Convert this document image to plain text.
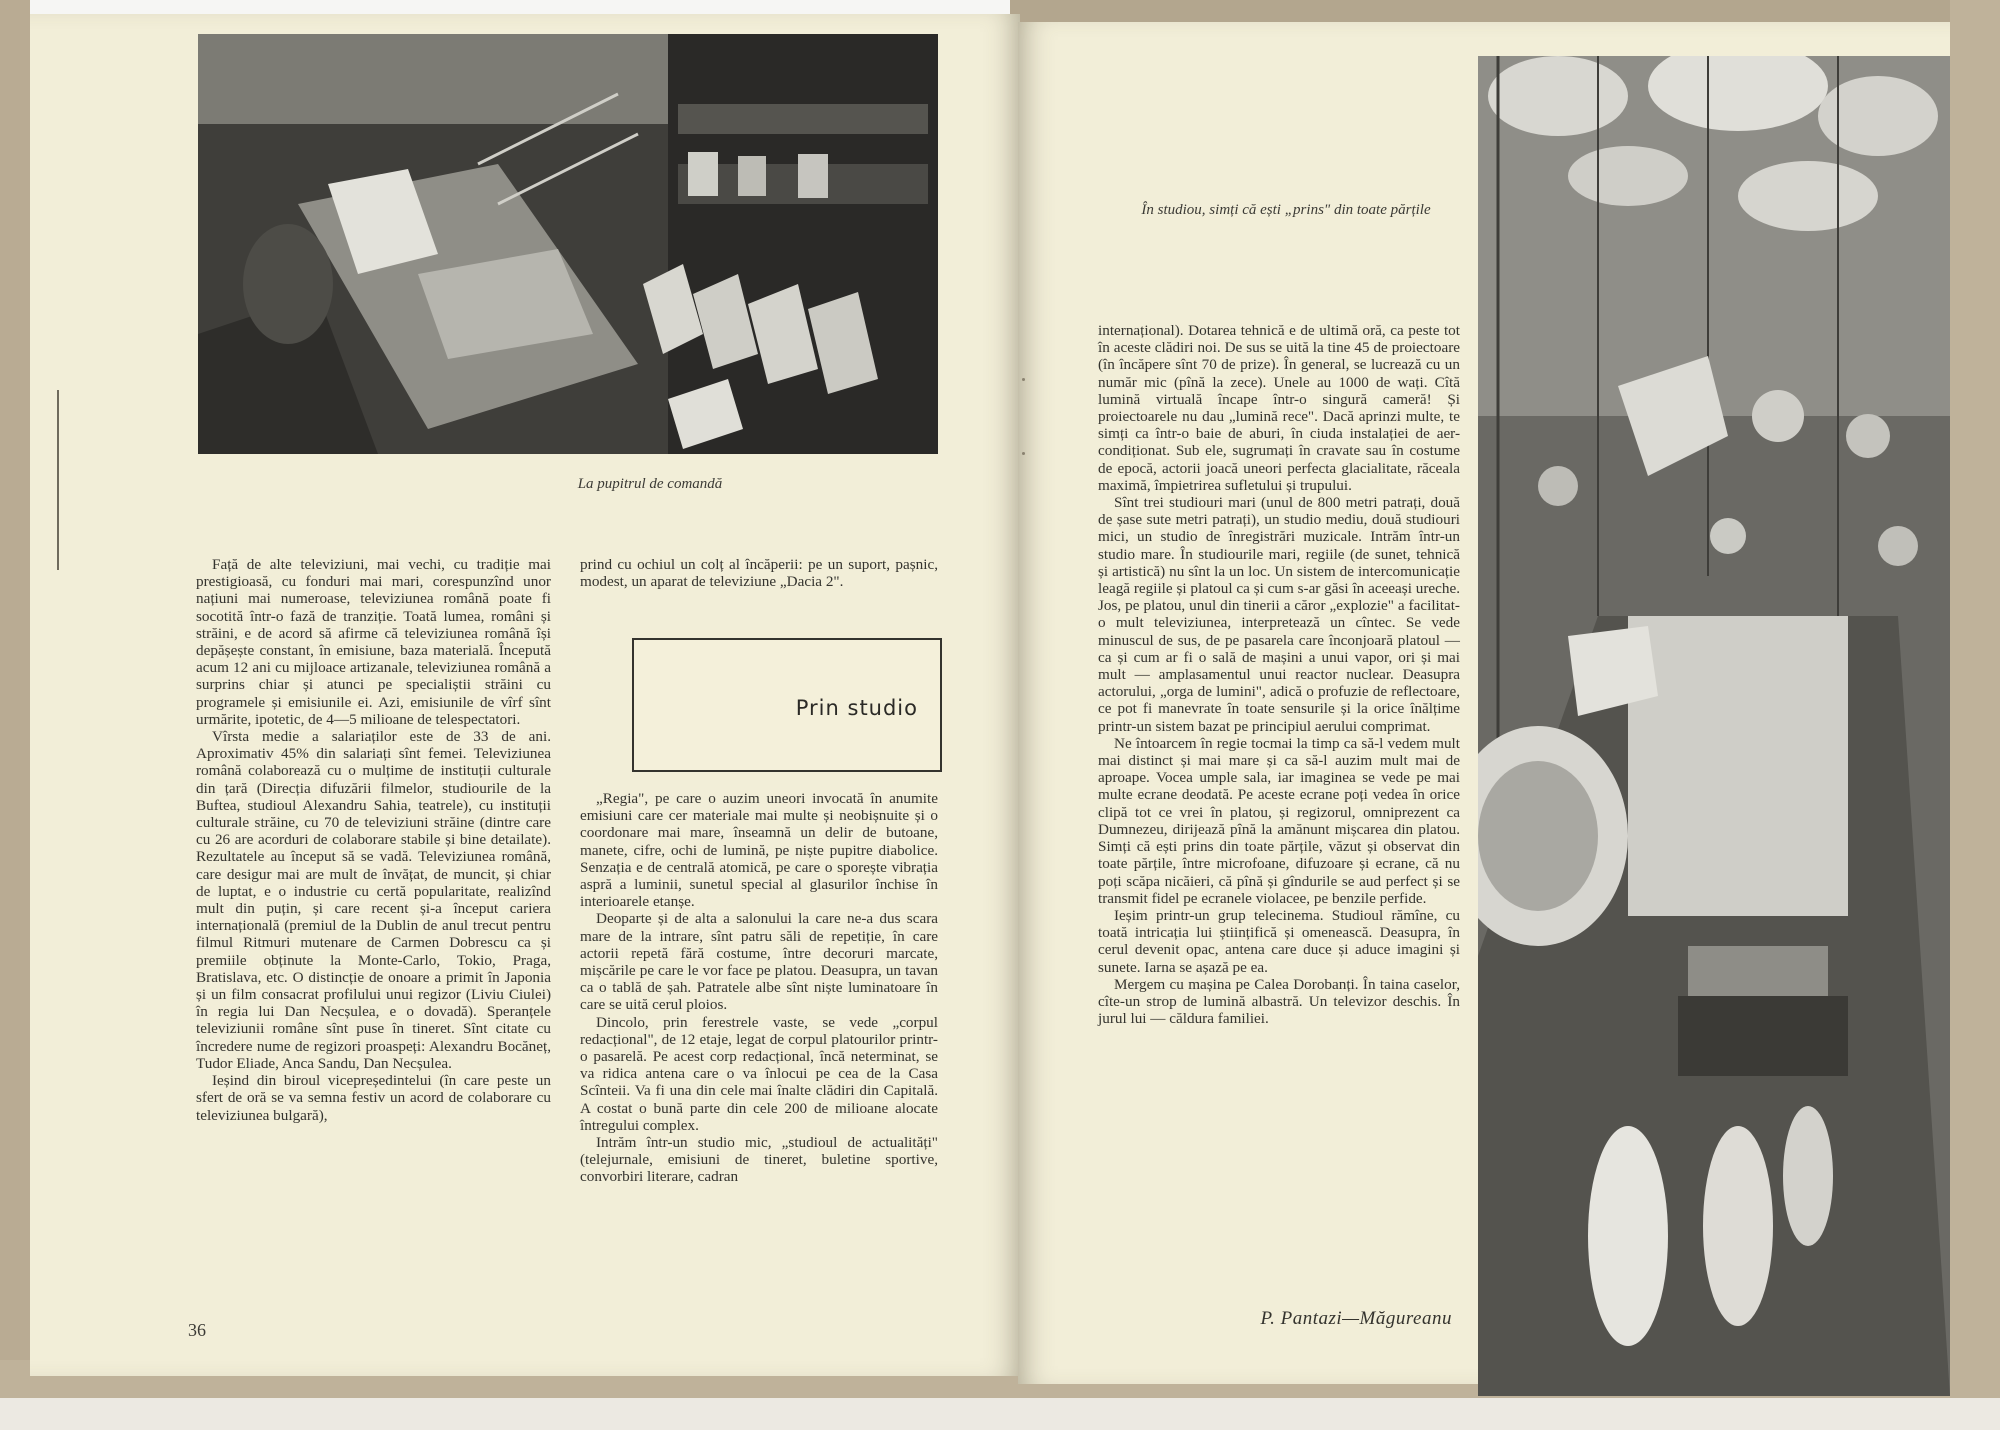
La pupitrul de comandă

Față de alte televiziuni, mai vechi, cu tradiție mai prestigioasă, cu fonduri mai mari, corespunzînd unor națiuni mai numeroase, televiziunea română poate fi socotită într-o fază de tranziție. Toată lumea, români și străini, e de acord să afirme că televiziunea română își depășește constant, în emisiune, baza materială. Începută acum 12 ani cu mijloace artizanale, televiziunea română a surprins chiar și atunci pe specialiștii străini cu programele și emisiunile ei. Azi, emisiunile de vîrf sînt urmărite, ipotetic, de 4—5 milioane de telespectatori.

Vîrsta medie a salariaților este de 33 de ani. Aproximativ 45% din salariați sînt femei. Televiziunea română colaborează cu o mulțime de instituții culturale din țară (Direcția difuzării filmelor, studiourile de la Buftea, studioul Alexandru Sahia, teatrele), cu instituții culturale străine, cu 70 de televiziuni străine (dintre care cu 26 are acorduri de colaborare stabile și bine detailate). Rezultatele au început să se vadă. Televiziunea română, care desigur mai are mult de învățat, de muncit, și chiar de luptat, e o industrie cu certă popularitate, realizînd mult din puțin, și care recent și-a început cariera internațională (premiul de la Dublin de anul trecut pentru filmul Ritmuri mutenare de Carmen Dobrescu ca și premiile obținute la Monte-Carlo, Tokio, Praga, Bratislava, etc. O distincție de onoare a primit în Japonia și un film consacrat profilului unui regizor (Liviu Ciulei) în regia lui Dan Necșulea, e o dovadă). Speranțele televiziunii române sînt puse în tineret. Sînt citate cu încredere nume de regizori proaspeți: Alexandru Bocăneț, Tudor Eliade, Anca Sandu, Dan Necșulea.

Ieșind din biroul vicepreședintelui (în care peste un sfert de oră se va semna festiv un acord de colaborare cu televiziunea bulgară),

prind cu ochiul un colț al încăperii: pe un suport, pașnic, modest, un aparat de televiziune „Dacia 2".

Prin studio

„Regia", pe care o auzim uneori invocată în anumite emisiuni care cer materiale mai multe și neobișnuite și o coordonare mai mare, înseamnă un delir de butoane, manete, cifre, ochi de lumină, pe niște pupitre diabolice. Senzația e de centrală atomică, pe care o sporește vibrația aspră a luminii, sunetul special al glasurilor închise în interioarele etanșe.

Deoparte și de alta a salonului la care ne-a dus scara mare de la intrare, sînt patru săli de repetiție, în care actorii repetă fără costume, între decoruri marcate, mișcările pe care le vor face pe platou. Deasupra, un tavan ca o tablă de șah. Patratele albe sînt niște luminatoare în care se uită cerul ploios.

Dincolo, prin ferestrele vaste, se vede „corpul redacțional", de 12 etaje, legat de corpul platourilor printr-o pasarelă. Pe acest corp redacțional, încă neterminat, se va ridica antena care o va înlocui pe cea de la Casa Scînteii. Va fi una din cele mai înalte clădiri din Capitală. A costat o bună parte din cele 200 de milioane alocate întregului complex.

Intrăm într-un studio mic, „studioul de actualități" (telejurnale, emisiuni de tineret, buletine sportive, convorbiri literare, cadran

36
În studiou, simți că ești „prins" din toate părțile

internațional). Dotarea tehnică e de ultimă oră, ca peste tot în aceste clădiri noi. De sus se uită la tine 45 de proiectoare (în încăpere sînt 70 de prize). În general, se lucrează cu un număr mic (pînă la zece). Unele au 1000 de wați. Cîtă lumină virtuală încape într-o singură cameră! Și proiectoarele nu dau „lumină rece". Dacă aprinzi multe, te simți ca într-o baie de aburi, în ciuda instalației de aer-condiționat. Sub ele, sugrumați în cravate sau în costume de epocă, actorii joacă uneori perfecta glacialitate, răceala maximă, împietrirea sufletului și trupului.

Sînt trei studiouri mari (unul de 800 metri patrați, două de șase sute metri patrați), un studio mediu, două studiouri mici, un studio de înregistrări muzicale. Intrăm într-un studio mare. În studiourile mari, regiile (de sunet, tehnică și artistică) nu sînt la un loc. Un sistem de intercomunicație leagă regiile și platoul ca și cum s-ar găsi în aceeași ureche. Jos, pe platou, unul din tinerii a căror „explozie" a facilitat-o mult televiziunea, interpretează un cîntec. Se vede minuscul de sus, de pe pasarela care înconjoară platoul — ca și cum ar fi o sală de mașini a unui vapor, ori și mai mult — amplasamentul unui reactor nuclear. Deasupra actorului, „orga de lumini", adică o profuzie de reflectoare, ce pot fi manevrate în toate sensurile și la orice înălțime printr-un sistem bazat pe principiul aerului comprimat.

Ne întoarcem în regie tocmai la timp ca să-l vedem mult mai distinct și mai mare și ca să-l auzim mult mai de aproape. Vocea umple sala, iar imaginea se vede pe mai multe ecrane deodată. Pe aceste ecrane poți vedea în orice clipă tot ce vrei în platou, și regizorul, omniprezent ca Dumnezeu, dirijează pînă la amănunt mișcarea din platou. Simți că ești prins din toate părțile, văzut și observat din toate părțile, între microfoane, difuzoare și ecrane, că nu poți scăpa nicăieri, că pînă și gîndurile se aud perfect și se transmit fidel pe ecranele violacee, pe benzile perfide.

Ieșim printr-un grup telecinema. Studioul rămîne, cu toată intricația lui științifică și omenească. Deasupra, în cerul devenit opac, antena care duce și aduce imagini și sunete. Iarna se așază pe ea.

Mergem cu mașina pe Calea Dorobanți. În taina caselor, cîte-un strop de lumină albastră. Un televizor deschis. În jurul lui — căldura familiei.

P. Pantazi—Măgureanu
